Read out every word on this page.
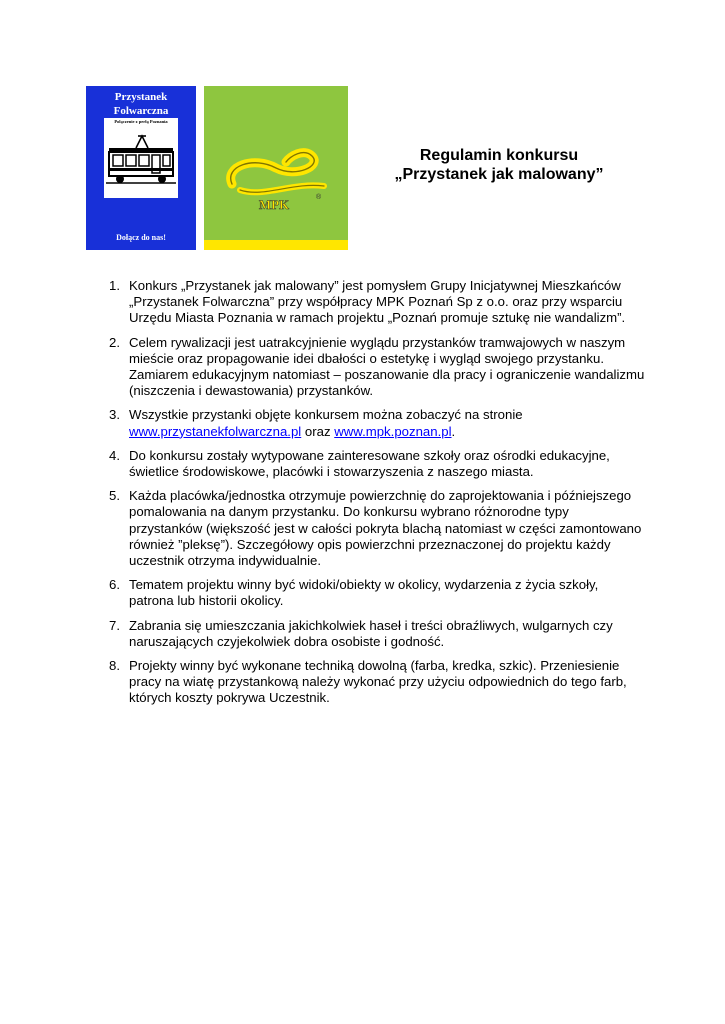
Przystanek
Folwarczna
Połączenie z perłą Poznania
Dołącz do nas!
MPK	®
Regulamin konkursu
„Przystanek jak malowany”
1. Konkurs „Przystanek jak malowany” jest pomysłem Grupy Inicjatywnej Mieszkańców „Przystanek Folwarczna” przy współpracy MPK Poznań Sp z o.o. oraz przy wsparciu Urzędu Miasta Poznania w ramach projektu „Poznań promuje sztukę nie wandalizm”.
2. Celem rywalizacji jest uatrakcyjnienie wyglądu przystanków tramwajowych w naszym mieście oraz propagowanie idei dbałości o estetykę i wygląd swojego przystanku. Zamiarem edukacyjnym natomiast – poszanowanie dla pracy i ograniczenie wandalizmu (niszczenia i dewastowania) przystanków.
3. Wszystkie przystanki objęte konkursem można zobaczyć na stronie www.przystanekfolwarczna.pl oraz www.mpk.poznan.pl.
4. Do konkursu zostały wytypowane zainteresowane szkoły oraz ośrodki edukacyjne, świetlice środowiskowe, placówki i stowarzyszenia z naszego miasta.
5. Każda placówka/jednostka otrzymuje powierzchnię do zaprojektowania i późniejszego pomalowania na danym przystanku. Do konkursu wybrano różnorodne typy przystanków (większość jest w całości pokryta blachą natomiast w części zamontowano również ”pleksę”). Szczegółowy opis powierzchni przeznaczonej do projektu każdy uczestnik otrzyma indywidualnie.
6. Tematem projektu winny być widoki/obiekty w okolicy, wydarzenia z życia szkoły, patrona lub historii okolicy.
7. Zabrania się umieszczania jakichkolwiek haseł i treści obraźliwych, wulgarnych czy naruszających czyjekolwiek dobra osobiste i godność.
8. Projekty winny być wykonane techniką dowolną (farba, kredka, szkic). Przeniesienie pracy na wiatę przystankową należy wykonać przy użyciu odpowiednich do tego farb, których koszty pokrywa Uczestnik.
